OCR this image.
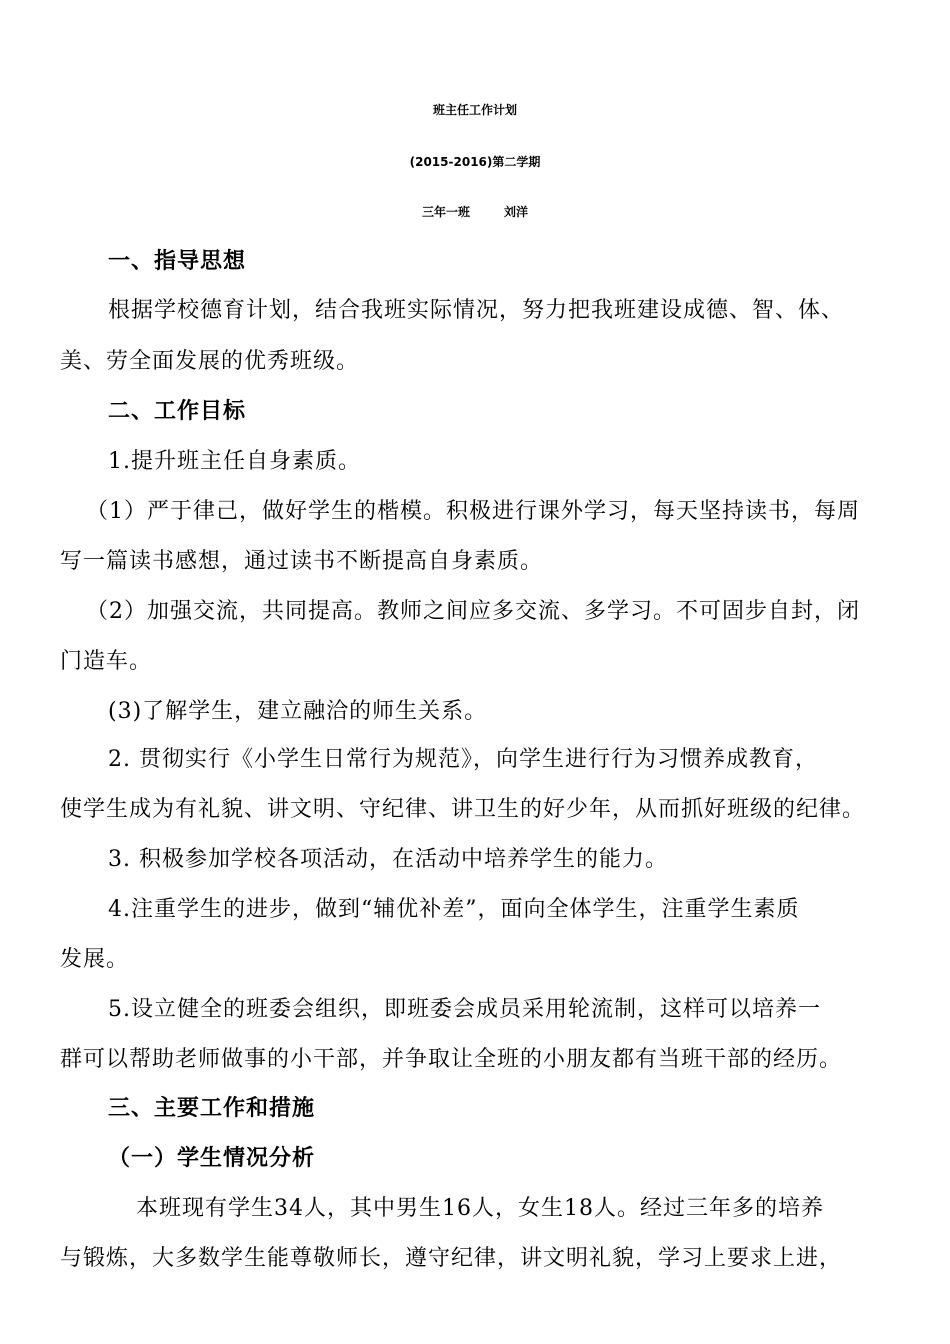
班主任工作计划
(2015-2016)第二学期
三年一班	刘洋
一、指导思想
根据学校德育计划，结合我班实际情况，努力把我班建设成德、智、体、
美、劳全面发展的优秀班级。
二、工作目标
1.提升班主任自身素质。
（1）严于律己，做好学生的楷模。积极进行课外学习，每天坚持读书，每周
写一篇读书感想，通过读书不断提高自身素质。
（2）加强交流，共同提高。教师之间应多交流、多学习。不可固步自封，闭
门造车。
(3)了解学生，建立融洽的师生关系。
2. 贯彻实行《小学生日常行为规范》，向学生进行行为习惯养成教育，
使学生成为有礼貌、讲文明、守纪律、讲卫生的好少年，从而抓好班级的纪律。
3. 积极参加学校各项活动，在活动中培养学生的能力。
4.注重学生的进步，做到“辅优补差”，面向全体学生，注重学生素质
发展。
5.设立健全的班委会组织，即班委会成员采用轮流制，这样可以培养一
群可以帮助老师做事的小干部，并争取让全班的小朋友都有当班干部的经历。
三、主要工作和措施
（一）学生情况分析
本班现有学生34人，其中男生16人，女生18人。经过三年多的培养
与锻炼，大多数学生能尊敬师长，遵守纪律，讲文明礼貌，学习上要求上进，
